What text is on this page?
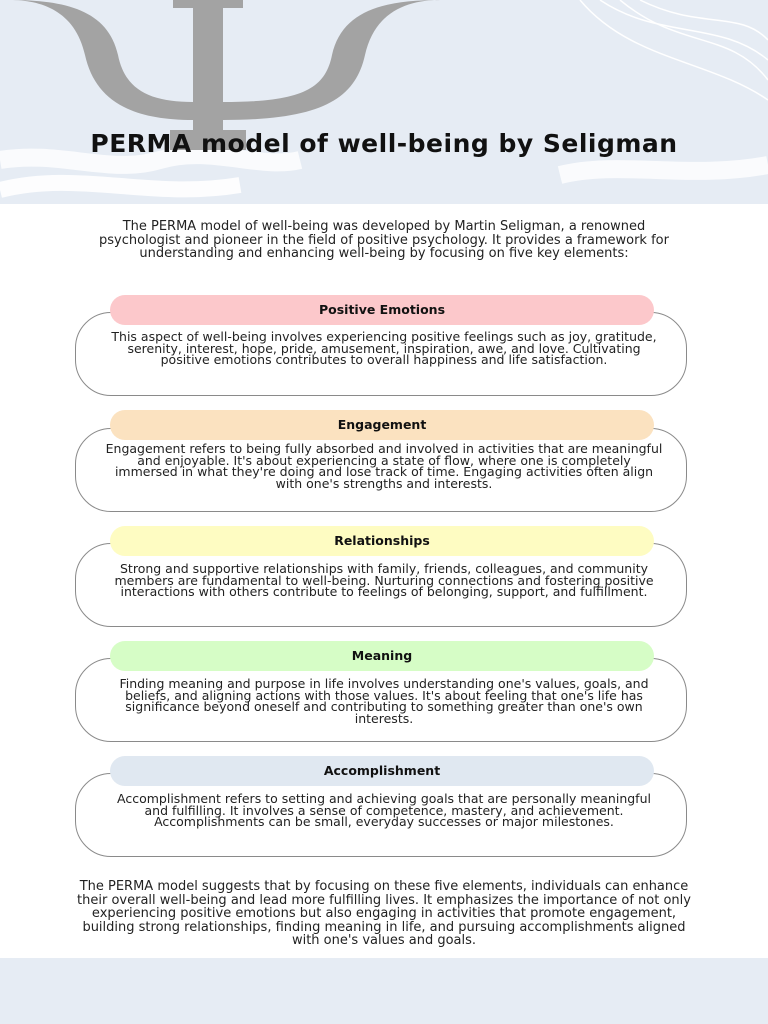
PERMA model of well-being by Seligman

The PERMA model of well-being was developed by Martin Seligman, a renowned psychologist and pioneer in the field of positive psychology. It provides a framework for understanding and enhancing well-being by focusing on five key elements:

Positive Emotions

This aspect of well-being involves experiencing positive feelings such as joy, gratitude, serenity, interest, hope, pride, amusement, inspiration, awe, and love. Cultivating positive emotions contributes to overall happiness and life satisfaction.

Engagement

Engagement refers to being fully absorbed and involved in activities that are meaningful and enjoyable. It's about experiencing a state of flow, where one is completely immersed in what they're doing and lose track of time. Engaging activities often align with one's strengths and interests.

Relationships

Strong and supportive relationships with family, friends, colleagues, and community members are fundamental to well-being. Nurturing connections and fostering positive interactions with others contribute to feelings of belonging, support, and fulfillment.

Meaning

Finding meaning and purpose in life involves understanding one's values, goals, and beliefs, and aligning actions with those values. It's about feeling that one's life has significance beyond oneself and contributing to something greater than one's own interests.

Accomplishment

Accomplishment refers to setting and achieving goals that are personally meaningful and fulfilling. It involves a sense of competence, mastery, and achievement. Accomplishments can be small, everyday successes or major milestones.

The PERMA model suggests that by focusing on these five elements, individuals can enhance their overall well-being and lead more fulfilling lives. It emphasizes the importance of not only experiencing positive emotions but also engaging in activities that promote engagement, building strong relationships, finding meaning in life, and pursuing accomplishments aligned with one's values and goals.
